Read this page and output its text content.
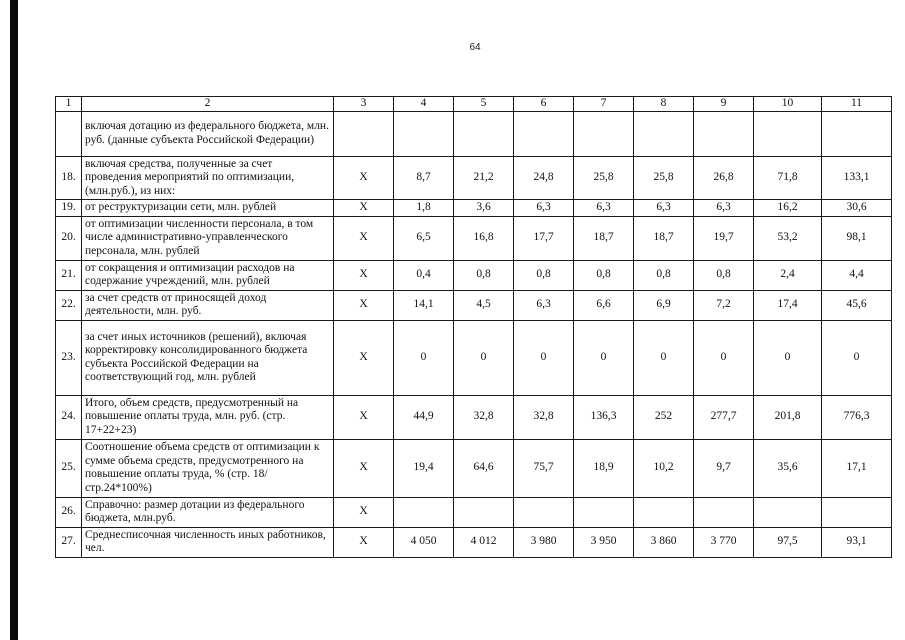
64
1	2	3	4	5	6	7	8	9	10	11
	включая дотацию из федерального бюджета, млн. руб. (данные субъекта Российской Федерации)									
18.	включая средства, полученные за счет проведения мероприятий по оптимизации, (млн.руб.), из них:	X	8,7	21,2	24,8	25,8	25,8	26,8	71,8	133,1
19.	от реструктуризации сети, млн. рублей	X	1,8	3,6	6,3	6,3	6,3	6,3	16,2	30,6
20.	от оптимизации численности персонала, в том числе административно-управленческого персонала, млн. рублей	X	6,5	16,8	17,7	18,7	18,7	19,7	53,2	98,1
21.	от сокращения и оптимизации расходов на содержание учреждений, млн. рублей	X	0,4	0,8	0,8	0,8	0,8	0,8	2,4	4,4
22.	за счет средств от приносящей доход деятельности, млн. руб.	X	14,1	4,5	6,3	6,6	6,9	7,2	17,4	45,6
23.	за счет иных источников (решений), включая корректировку консолидированного бюджета субъекта Российской Федерации на соответствующий год, млн. рублей	X	0	0	0	0	0	0	0	0
24.	Итого, объем средств, предусмотренный на повышение оплаты труда, млн. руб. (стр. 17+22+23)	X	44,9	32,8	32,8	136,3	252	277,7	201,8	776,3
25.	Соотношение объема средств от оптимизации к сумме объема средств, предусмотренного на повышение оплаты труда, % (стр. 18/стр.24*100%)	X	19,4	64,6	75,7	18,9	10,2	9,7	35,6	17,1
26.	Справочно: размер дотации из федерального бюджета, млн.руб.	X								
27.	Среднесписочная численность иных работников, чел.	X	4 050	4 012	3 980	3 950	3 860	3 770	97,5	93,1
